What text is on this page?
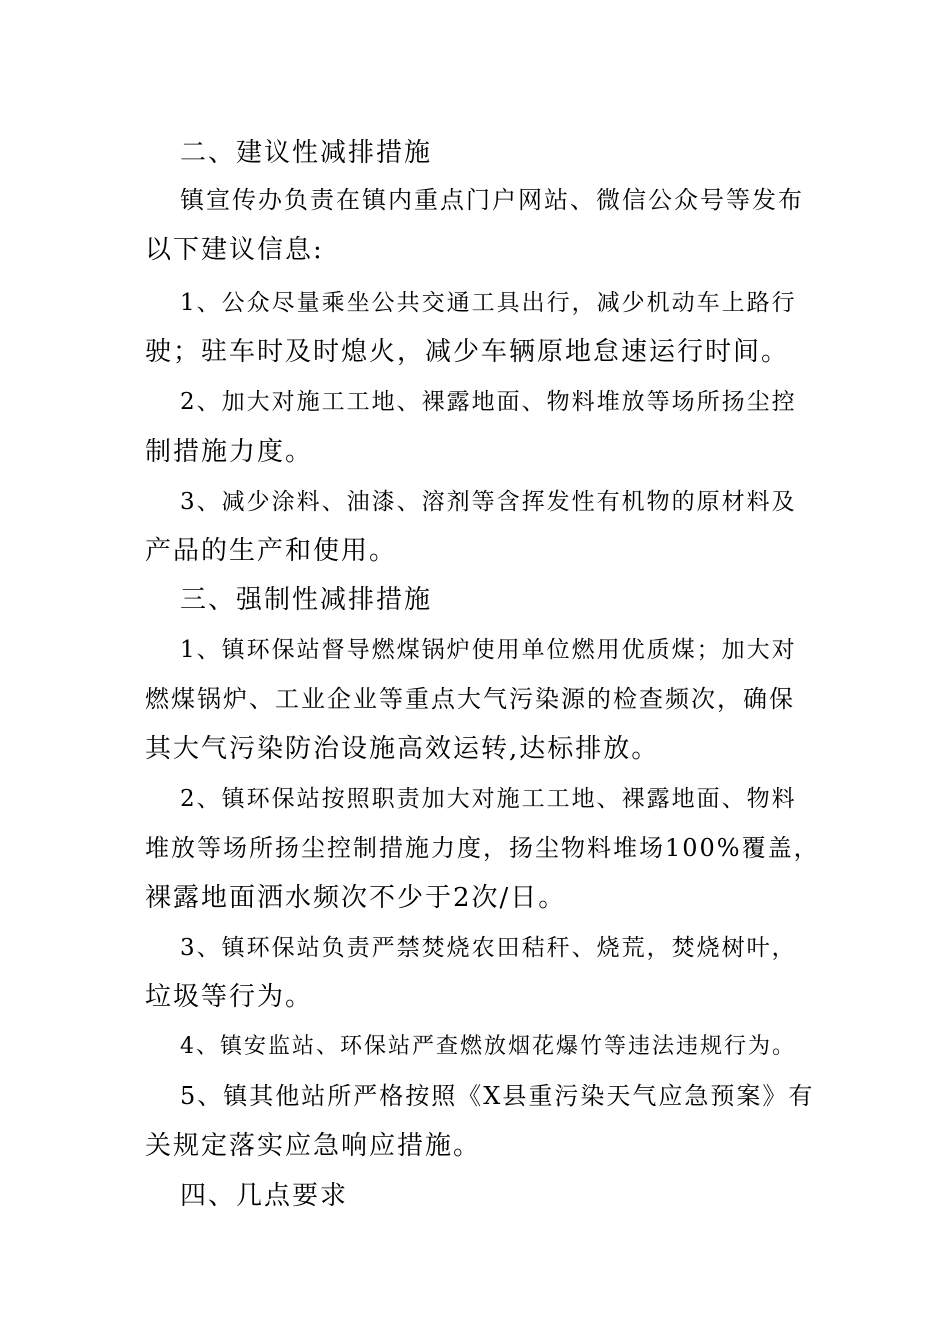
二、建议性减排措施
镇宣传办负责在镇内重点门户网站、微信公众号等发布
以下建议信息:
1、公众尽量乘坐公共交通工具出行，减少机动车上路行
驶；驻车时及时熄火，减少车辆原地怠速运行时间。
2、加大对施工工地、裸露地面、物料堆放等场所扬尘控
制措施力度。
3、减少涂料、油漆、溶剂等含挥发性有机物的原材料及
产品的生产和使用。
三、强制性减排措施
1、镇环保站督导燃煤锅炉使用单位燃用优质煤；加大对
燃煤锅炉、工业企业等重点大气污染源的检查频次，确保
其大气污染防治设施高效运转,达标排放。
2、镇环保站按照职责加大对施工工地、裸露地面、物料
堆放等场所扬尘控制措施力度，扬尘物料堆场100%覆盖，
裸露地面洒水频次不少于2次/日。
3、镇环保站负责严禁焚烧农田秸秆、烧荒，焚烧树叶，
垃圾等行为。
4、镇安监站、环保站严查燃放烟花爆竹等违法违规行为。
5、镇其他站所严格按照《X县重污染天气应急预案》有
关规定落实应急响应措施。
四、几点要求
